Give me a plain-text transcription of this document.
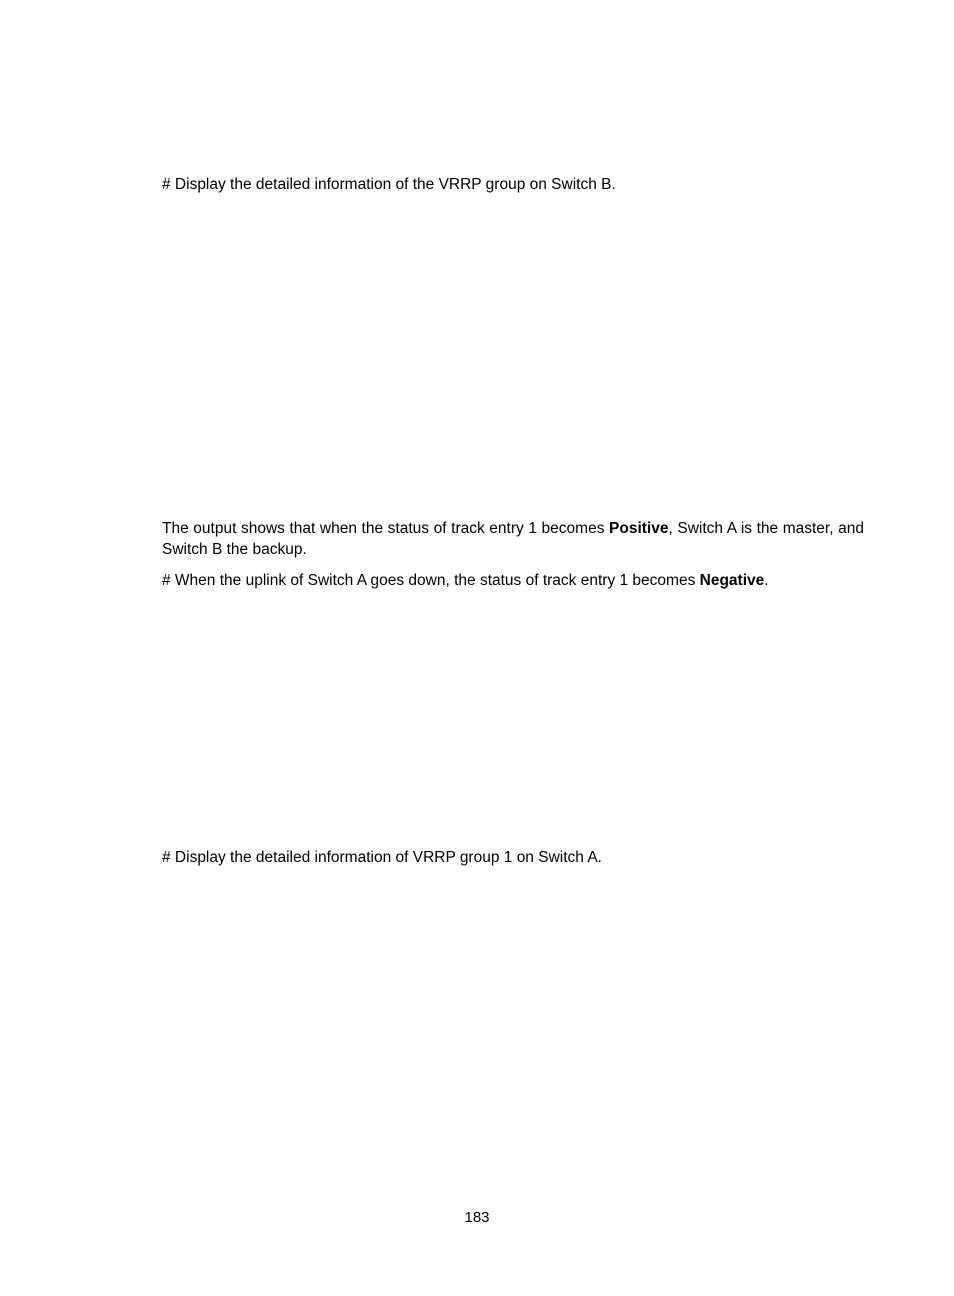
# Display the detailed information of the VRRP group on Switch B.

The output shows that when the status of track entry 1 becomes Positive, Switch A is the master, and Switch B the backup.

# When the uplink of Switch A goes down, the status of track entry 1 becomes Negative.

# Display the detailed information of VRRP group 1 on Switch A.

183
